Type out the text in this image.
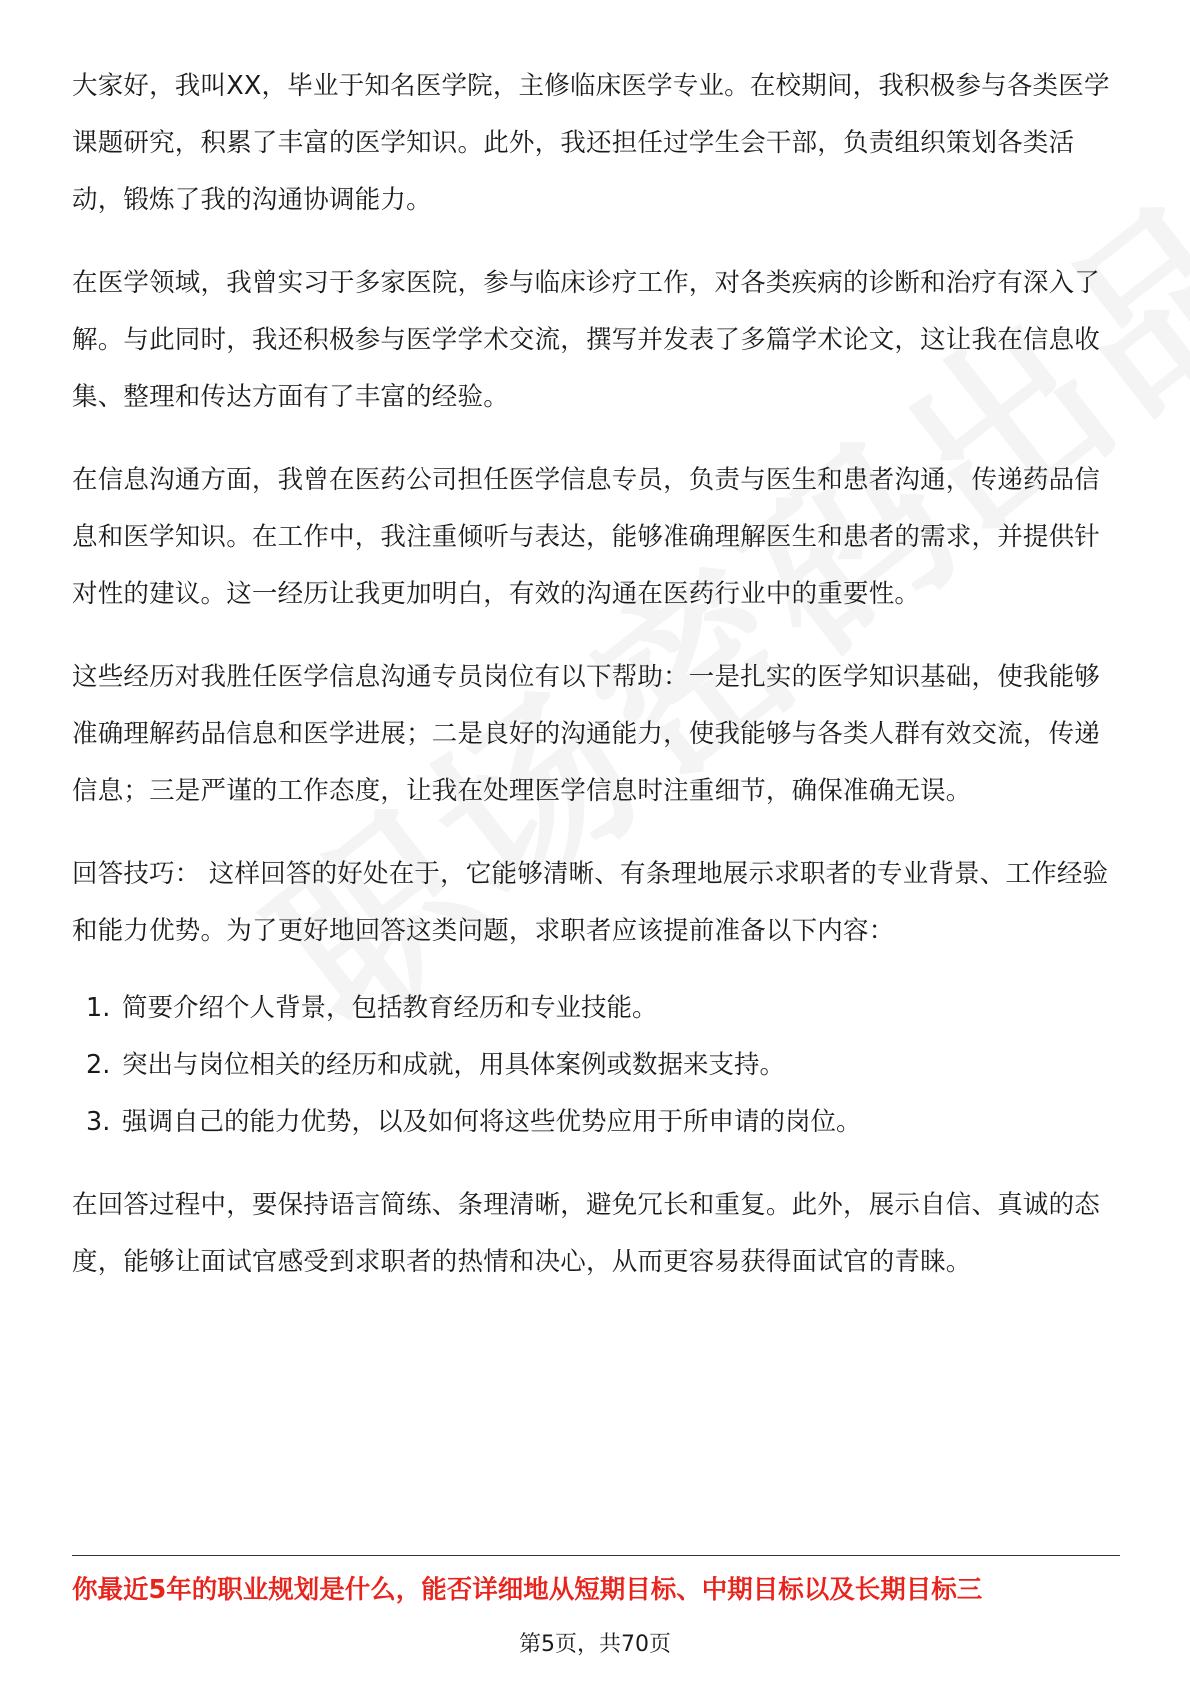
大家好，我叫XX，毕业于知名医学院，主修临床医学专业。在校期间，我积极参与各类医学课题研究，积累了丰富的医学知识。此外，我还担任过学生会干部，负责组织策划各类活动，锻炼了我的沟通协调能力。

在医学领域，我曾实习于多家医院，参与临床诊疗工作，对各类疾病的诊断和治疗有深入了解。与此同时，我还积极参与医学学术交流，撰写并发表了多篇学术论文，这让我在信息收集、整理和传达方面有了丰富的经验。

在信息沟通方面，我曾在医药公司担任医学信息专员，负责与医生和患者沟通，传递药品信息和医学知识。在工作中，我注重倾听与表达，能够准确理解医生和患者的需求，并提供针对性的建议。这一经历让我更加明白，有效的沟通在医药行业中的重要性。

这些经历对我胜任医学信息沟通专员岗位有以下帮助：一是扎实的医学知识基础，使我能够准确理解药品信息和医学进展；二是良好的沟通能力，使我能够与各类人群有效交流，传递信息；三是严谨的工作态度，让我在处理医学信息时注重细节，确保准确无误。

回答技巧： 这样回答的好处在于，它能够清晰、有条理地展示求职者的专业背景、工作经验和能力优势。为了更好地回答这类问题，求职者应该提前准备以下内容：

1. 简要介绍个人背景，包括教育经历和专业技能。
2. 突出与岗位相关的经历和成就，用具体案例或数据来支持。
3. 强调自己的能力优势，以及如何将这些优势应用于所申请的岗位。

在回答过程中，要保持语言简练、条理清晰，避免冗长和重复。此外，展示自信、真诚的态度，能够让面试官感受到求职者的热情和决心，从而更容易获得面试官的青睐。

你最近5年的职业规划是什么，能否详细地从短期目标、中期目标以及长期目标三
第5页，共70页
